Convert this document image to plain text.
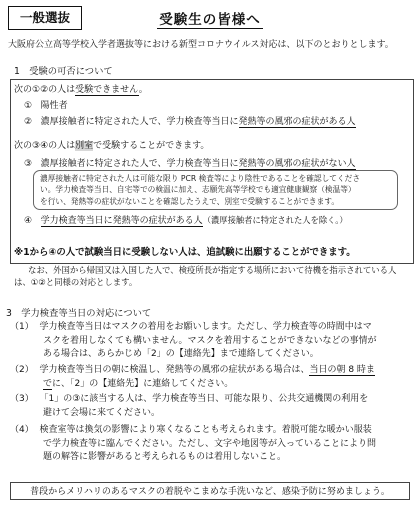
一般選抜	受験生の皆様へ
大阪府公立高等学校入学者選抜等における新型コロナウイルス対応は、以下のとおりとします。
1　受験の可否について
次の①②の人は受験できません。
① 陽性者
② 濃厚接触者に特定された人で、学力検査等当日に発熱等の風邪の症状がある人
次の③④の人は別室で受験することができます。
③ 濃厚接触者に特定された人で、学力検査等当日に発熱等の風邪の症状がない人
濃厚接触者に特定された人は可能な限り PCR 検査等により陰性であることを確認してくださ
い。学力検査等当日、自宅等での検温に加え、志願先高等学校でも適宜健康観察（検温等）
を行い、発熱等の症状がないことを確認したうえで、別室で受験することができます。
④ 学力検査等当日に発熱等の症状がある人（濃厚接触者に特定された人を除く。）
※1から④の人で試験当日に受験しない人は、追試験に出願することができます。
なお、外国から帰国又は入国した人で、検疫所長が指定する場所において待機を指示されている人
は、①②と同様の対応とします。
3　学力検査等当日の対応について
（1） 学力検査等当日はマスクの着用をお願いします。ただし、学力検査等の時間中はマ
スクを着用しなくても構いません。マスクを着用することができないなどの事情が
ある場合は、あらかじめ「2」の【連絡先】まで連絡してください。
（2） 学力検査等当日の朝に検温し、発熱等の風邪の症状がある場合は、当日の朝 8 時ま
でに、「2」の【連絡先】に連絡してください。
（3） 「1」の③に該当する人は、学力検査等当日、可能な限り、公共交通機関の利用を
避けて会場に来てください。
（4） 検査室等は換気の影響により寒くなることも考えられます。着脱可能な暖かい服装
で学力検査等に臨んでください。ただし、文字や地図等が入っていることにより問
題の解答に影響があると考えられるものは着用しないこと。
普段からメリハリのあるマスクの着脱やこまめな手洗いなど、感染予防に努めましょう。
